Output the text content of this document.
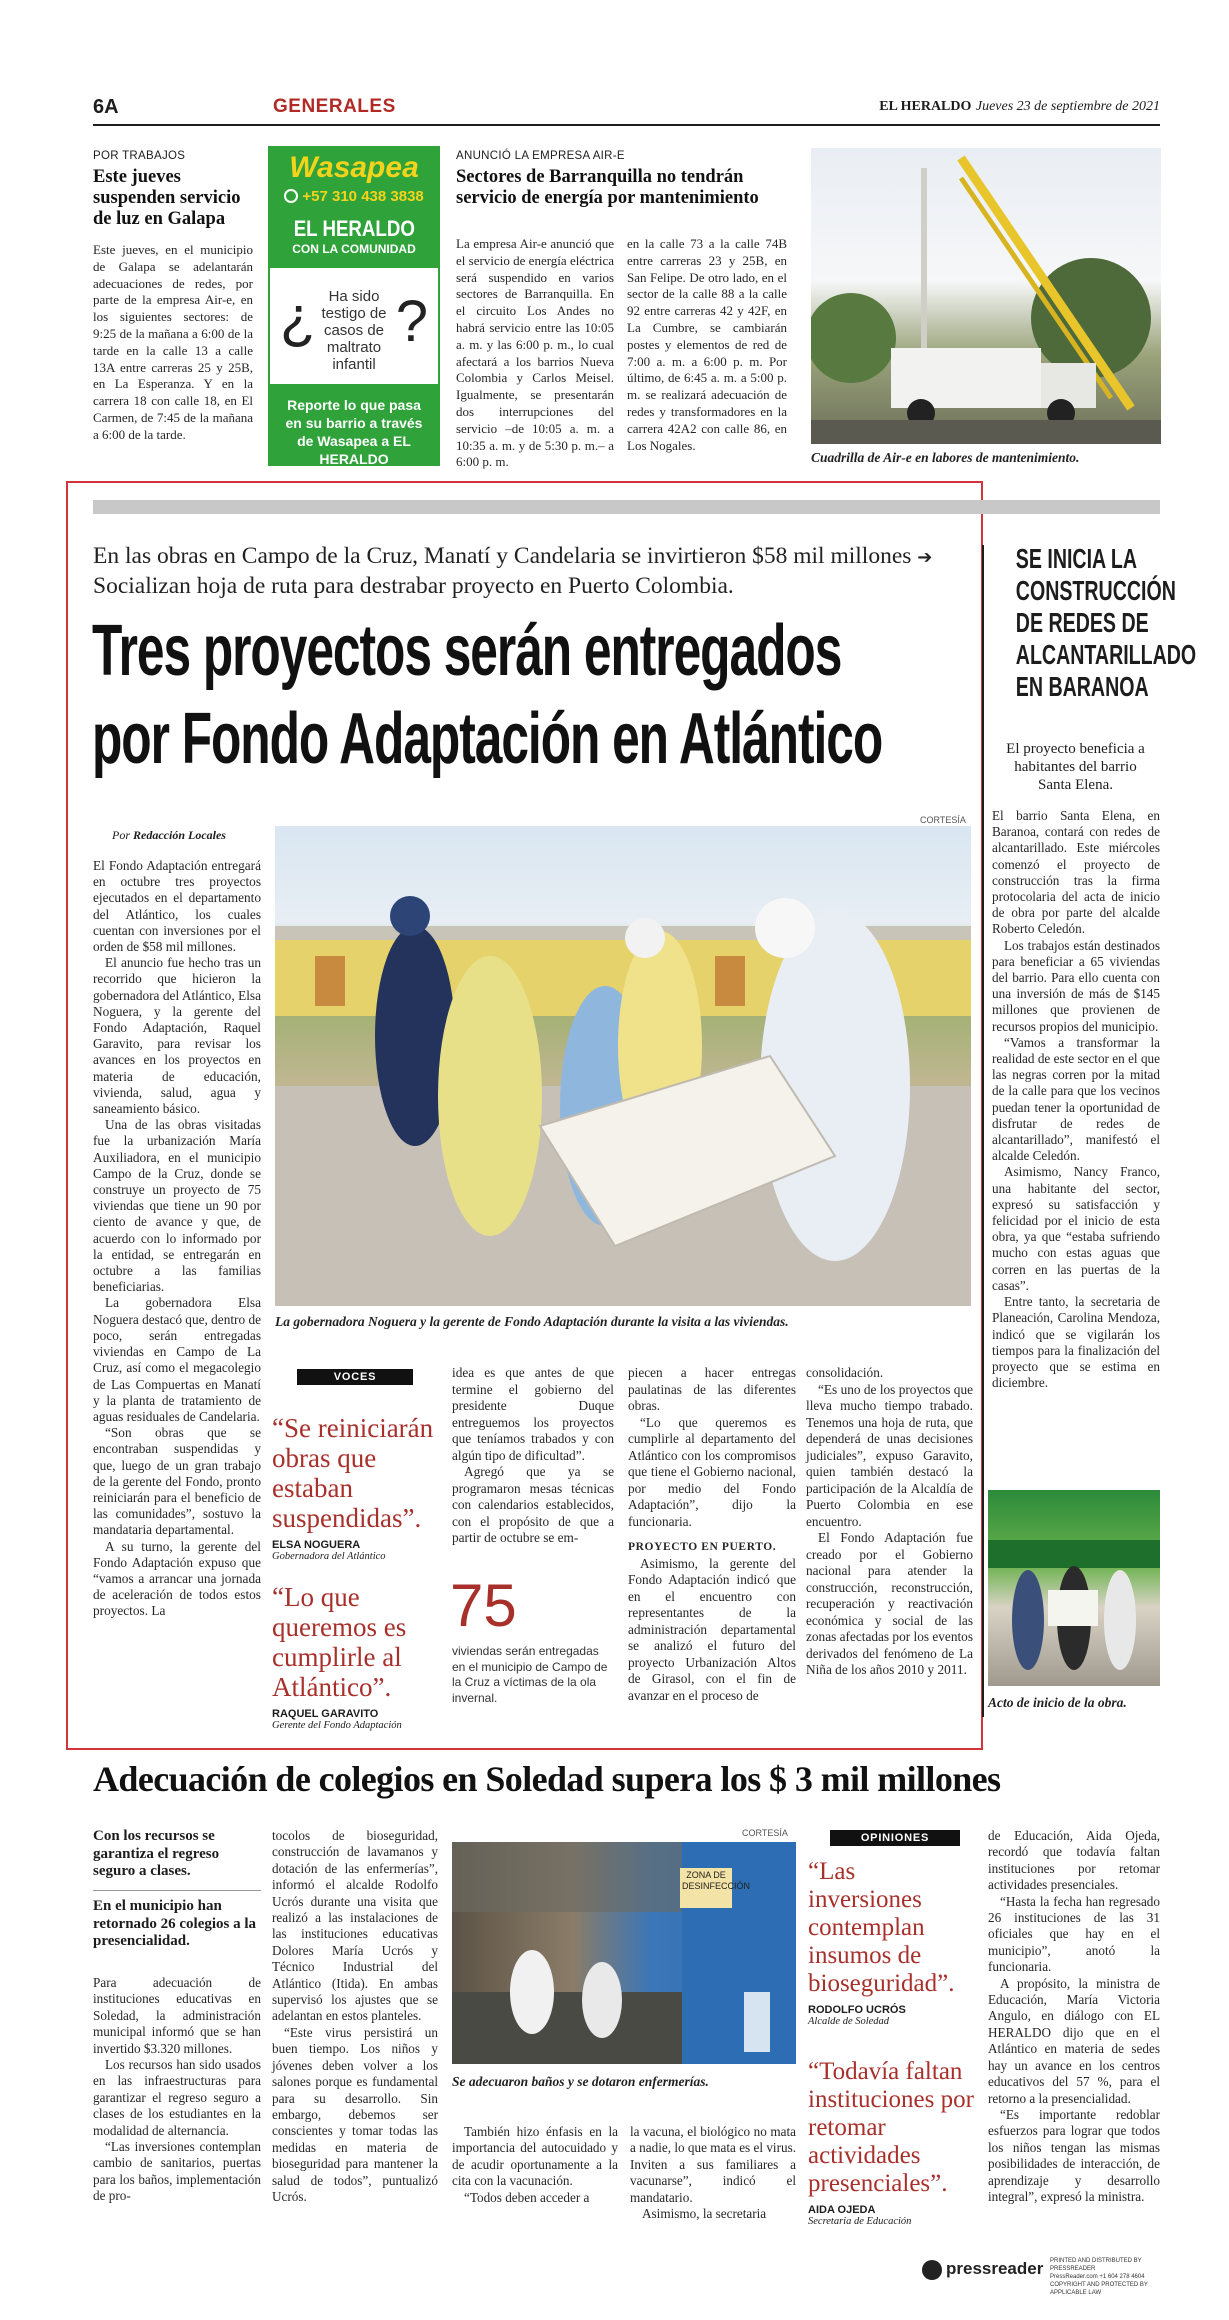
6A	GENERALES	EL HERALDO Jueves 23 de septiembre de 2021
POR TRABAJOS
Este jueves suspenden servicio de luz en Galapa
Este jueves, en el municipio de Galapa se adelantarán adecuaciones de redes, por parte de la empresa Air-e, en los siguientes sectores: de 9:25 de la mañana a 6:00 de la tarde en la calle 13 a calle 13A entre carreras 25 y 25B, en La Esperanza. Y en la carrera 18 con calle 18, en El Carmen, de 7:45 de la mañana a 6:00 de la tarde.
Wasapea
+57 310 438 3838
EL HERALDO
CON LA COMUNIDAD
¿ ?
Ha sido testigo de casos de maltrato infantil
Reporte lo que pasa en su barrio a través de Wasapea a EL HERALDO
ANUNCIÓ LA EMPRESA AIR-E
Sectores de Barranquilla no tendrán servicio de energía por mantenimiento
La empresa Air-e anunció que el servicio de energía eléctrica será suspendido en varios sectores de Barranquilla. En el circuito Los Andes no habrá servicio entre las 10:05 a. m. y las 6:00 p. m., lo cual afectará a los barrios Nueva Colombia y Carlos Meisel. Igualmente, se presentarán dos interrupciones del servicio –de 10:05 a. m. a 10:35 a. m. y de 5:30 p. m.– a 6:00 p. m.
en la calle 73 a la calle 74B entre carreras 23 y 25B, en San Felipe. De otro lado, en el sector de la calle 88 a la calle 92 entre carreras 42 y 42F, en La Cumbre, se cambiarán postes y elementos de red de 7:00 a. m. a 6:00 p. m. Por último, de 6:45 a. m. a 5:00 p. m. se realizará adecuación de redes y transformadores en la carrera 42A2 con calle 86, en Los Nogales.
Cuadrilla de Air-e en labores de mantenimiento.
En las obras en Campo de la Cruz, Manatí y Candelaria se invirtieron $58 mil millones ➔ Socializan hoja de ruta para destrabar proyecto en Puerto Colombia.
Tres proyectos serán entregados
por Fondo Adaptación en Atlántico
Por Redacción Locales

El Fondo Adaptación entregará en octubre tres proyectos ejecutados en el departamento del Atlántico, los cuales cuentan con inversiones por el orden de $58 mil millones.

El anuncio fue hecho tras un recorrido que hicieron la gobernadora del Atlántico, Elsa Noguera, y la gerente del Fondo Adaptación, Raquel Garavito, para revisar los avances en los proyectos en materia de educación, vivienda, salud, agua y saneamiento básico.

Una de las obras visitadas fue la urbanización María Auxiliadora, en el municipio Campo de la Cruz, donde se construye un proyecto de 75 viviendas que tiene un 90 por ciento de avance y que, de acuerdo con lo informado por la entidad, se entregarán en octubre a las familias beneficiarias.

La gobernadora Elsa Noguera destacó que, dentro de poco, serán entregadas viviendas en Campo de La Cruz, así como el megacolegio de Las Compuertas en Manatí y la planta de tratamiento de aguas residuales de Candelaria.

“Son obras que se encontraban suspendidas y que, luego de un gran trabajo de la gerente del Fondo, pronto reiniciarán para el beneficio de las comunidades”, sostuvo la mandataria departamental.

A su turno, la gerente del Fondo Adaptación expuso que “vamos a arrancar una jornada de aceleración de todos estos proyectos. La

CORTESÍA
La gobernadora Noguera y la gerente de Fondo Adaptación durante la visita a las viviendas.
VOCES
“Se reiniciarán obras que estaban suspendidas”.
ELSA NOGUERA
Gobernadora del Atlántico
“Lo que queremos es cumplirle al Atlántico”.
RAQUEL GARAVITO
Gerente del Fondo Adaptación

idea es que antes de que termine el gobierno del presidente Duque entreguemos los proyectos que teníamos trabados y con algún tipo de dificultad”.

Agregó que ya se programaron mesas técnicas con calendarios establecidos, con el propósito de que a partir de octubre se em-

75
viviendas serán entregadas en el municipio de Campo de la Cruz a víctimas de la ola invernal.

piecen a hacer entregas paulatinas de las diferentes obras.

“Lo que queremos es cumplirle al departamento del Atlántico con los compromisos que tiene el Gobierno nacional, por medio del Fondo Adaptación”, dijo la funcionaria.

PROYECTO EN PUERTO.

Asimismo, la gerente del Fondo Adaptación indicó que en el encuentro con representantes de la administración departamental se analizó el futuro del proyecto Urbanización Altos de Girasol, con el fin de avanzar en el proceso de

consolidación.

“Es uno de los proyectos que lleva mucho tiempo trabado. Tenemos una hoja de ruta, que dependerá de unas decisiones judiciales”, expuso Garavito, quien también destacó la participación de la Alcaldía de Puerto Colombia en ese encuentro.

El Fondo Adaptación fue creado por el Gobierno nacional para atender la construcción, reconstrucción, recuperación y reactivación económica y social de las zonas afectadas por los eventos derivados del fenómeno de La Niña de los años 2010 y 2011.

SE INICIA LA
CONSTRUCCIÓN
DE REDES DE
ALCANTARILLADO
EN BARANOA
El proyecto beneficia a habitantes del barrio Santa Elena.

El barrio Santa Elena, en Baranoa, contará con redes de alcantarillado. Este miércoles comenzó el proyecto de construcción tras la firma protocolaria del acta de inicio de obra por parte del alcalde Roberto Celedón.

Los trabajos están destinados para beneficiar a 65 viviendas del barrio. Para ello cuenta con una inversión de más de $145 millones que provienen de recursos propios del municipio.

“Vamos a transformar la realidad de este sector en el que las negras corren por la mitad de la calle para que los vecinos puedan tener la oportunidad de disfrutar de redes de alcantarillado”, manifestó el alcalde Celedón.

Asimismo, Nancy Franco, una habitante del sector, expresó su satisfacción y felicidad por el inicio de esta obra, ya que “estaba sufriendo mucho con estas aguas que corren en las puertas de la casas”.

Entre tanto, la secretaria de Planeación, Carolina Mendoza, indicó que se vigilarán los tiempos para la finalización del proyecto que se estima en diciembre.

Acto de inicio de la obra.
Adecuación de colegios en Soledad supera los $ 3 mil millones
Con los recursos se garantiza el regreso seguro a clases.
En el municipio han retornado 26 colegios a la presencialidad.

Para adecuación de instituciones educativas en Soledad, la administración municipal informó que se han invertido $3.320 millones.

Los recursos han sido usados en las infraestructuras para garantizar el regreso seguro a clases de los estudiantes en la modalidad de alternancia.

“Las inversiones contemplan cambio de sanitarios, puertas para los baños, implementación de pro-

tocolos de bioseguridad, construcción de lavamanos y dotación de las enfermerías”, informó el alcalde Rodolfo Ucrós durante una visita que realizó a las instalaciones de las instituciones educativas Dolores María Ucrós y Técnico Industrial del Atlántico (Itida). En ambas supervisó los ajustes que se adelantan en estos planteles.

“Este virus persistirá un buen tiempo. Los niños y jóvenes deben volver a los salones porque es fundamental para su desarrollo. Sin embargo, debemos ser conscientes y tomar todas las medidas en materia de bioseguridad para mantener la salud de todos”, puntualizó Ucrós.

CORTESÍA
ZONA DE DESINFECCIÓN
Se adecuaron baños y se dotaron enfermerías.

También hizo énfasis en la importancia del autocuidado y de acudir oportunamente a la cita con la vacunación.

“Todos deben acceder a

la vacuna, el biológico no mata a nadie, lo que mata es el virus. Inviten a sus familiares a vacunarse”, indicó el mandatario.

Asimismo, la secretaria

OPINIONES
“Las inversiones contemplan insumos de bioseguridad”.
RODOLFO UCRÓS
Alcalde de Soledad
“Todavía faltan instituciones por retomar actividades presenciales”.
AIDA OJEDA
Secretaria de Educación

de Educación, Aida Ojeda, recordó que todavía faltan instituciones por retomar actividades presenciales.

“Hasta la fecha han regresado 26 instituciones de las 31 oficiales que hay en el municipio”, anotó la funcionaria.

A propósito, la ministra de Educación, María Victoria Angulo, en diálogo con EL HERALDO dijo que en el Atlántico en materia de sedes hay un avance en los centros educativos del 57 %, para el retorno a la presencialidad.

“Es importante redoblar esfuerzos para lograr que todos los niños tengan las mismas posibilidades de interacción, de aprendizaje y desarrollo integral”, expresó la ministra.

pressreader PRINTED AND DISTRIBUTED BY PRESSREADER
PressReader.com +1 604 278 4604
COPYRIGHT AND PROTECTED BY APPLICABLE LAW
